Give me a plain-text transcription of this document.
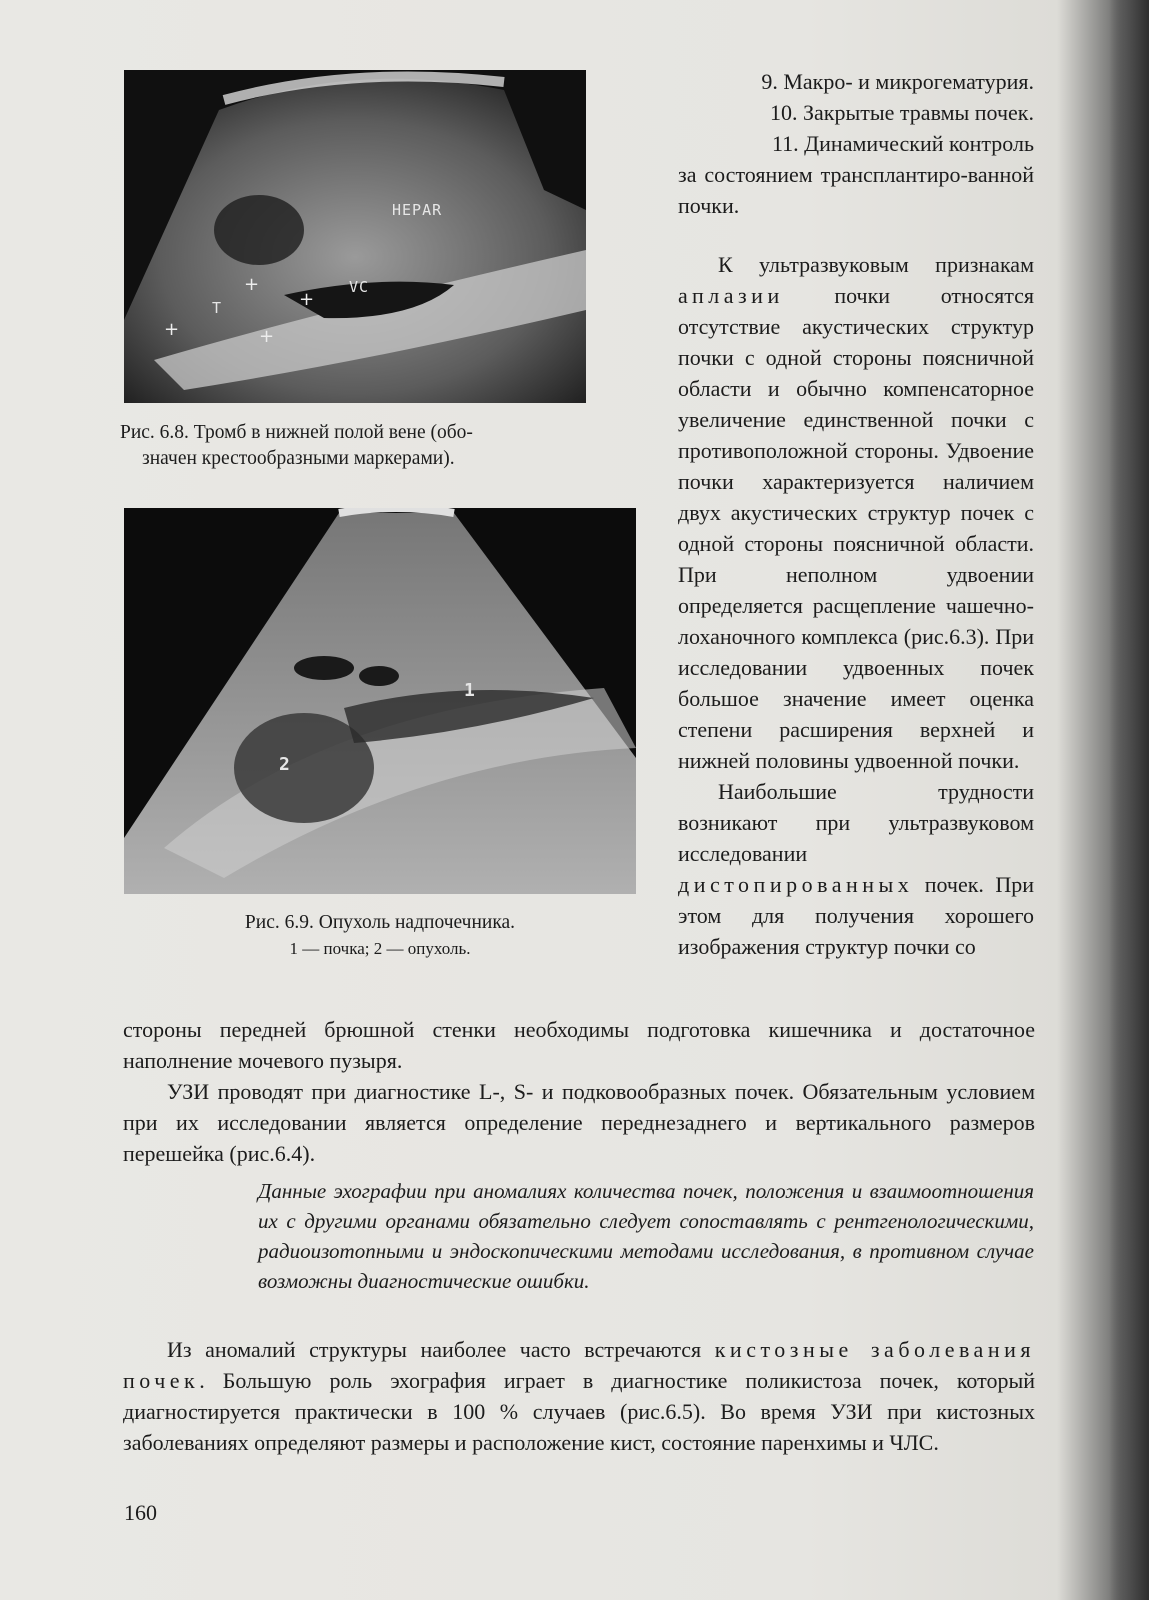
HEPAR
VC
T
+
+
+	+
Рис. 6.8. Тромб в нижней полой вене (обо-
значен крестообразными маркерами).
1
2
Рис. 6.9. Опухоль надпочечника.
1 — почка; 2 — опухоль.

9. Макро- и микрогематурия.

10. Закрытые травмы почек.

11. Динамический контроль

за состоянием трансплантиро-ванной почки.

К ультразвуковым признакам аплазии почки относятся отсутствие акустических структур почки с одной стороны поясничной области и обычно компенсаторное увеличение единственной почки с противоположной стороны. Удвоение почки характеризуется наличием двух акустических структур почек с одной стороны поясничной области. При неполном удвоении определяется расщепление чашечно-лоханочного комплекса (рис.6.3). При исследовании удвоенных почек большое значение имеет оценка степени расширения верхней и нижней половины удвоенной почки.

Наибольшие трудности возникают при ультразвуковом исследовании дистопированных почек. При этом для получения хорошего изображения структур почки со

стороны передней брюшной стенки необходимы подготовка кишечника и достаточное наполнение мочевого пузыря.

УЗИ проводят при диагностике L-, S- и подковообразных почек. Обязательным условием при их исследовании является определение переднезаднего и вертикального размеров перешейка (рис.6.4).

Данные эхографии при аномалиях количества почек, положения и взаимоотношения их с другими органами обязательно следует сопоставлять с рентгенологическими, радиоизотопными и эндоскопическими методами исследования, в противном случае возможны диагностические ошибки.

Из аномалий структуры наиболее часто встречаются кистозные заболевания почек. Большую роль эхография играет в диагностике поликистоза почек, который диагностируется практически в 100 % случаев (рис.6.5). Во время УЗИ при кистозных заболеваниях определяют размеры и расположение кист, состояние паренхимы и ЧЛС.

160
